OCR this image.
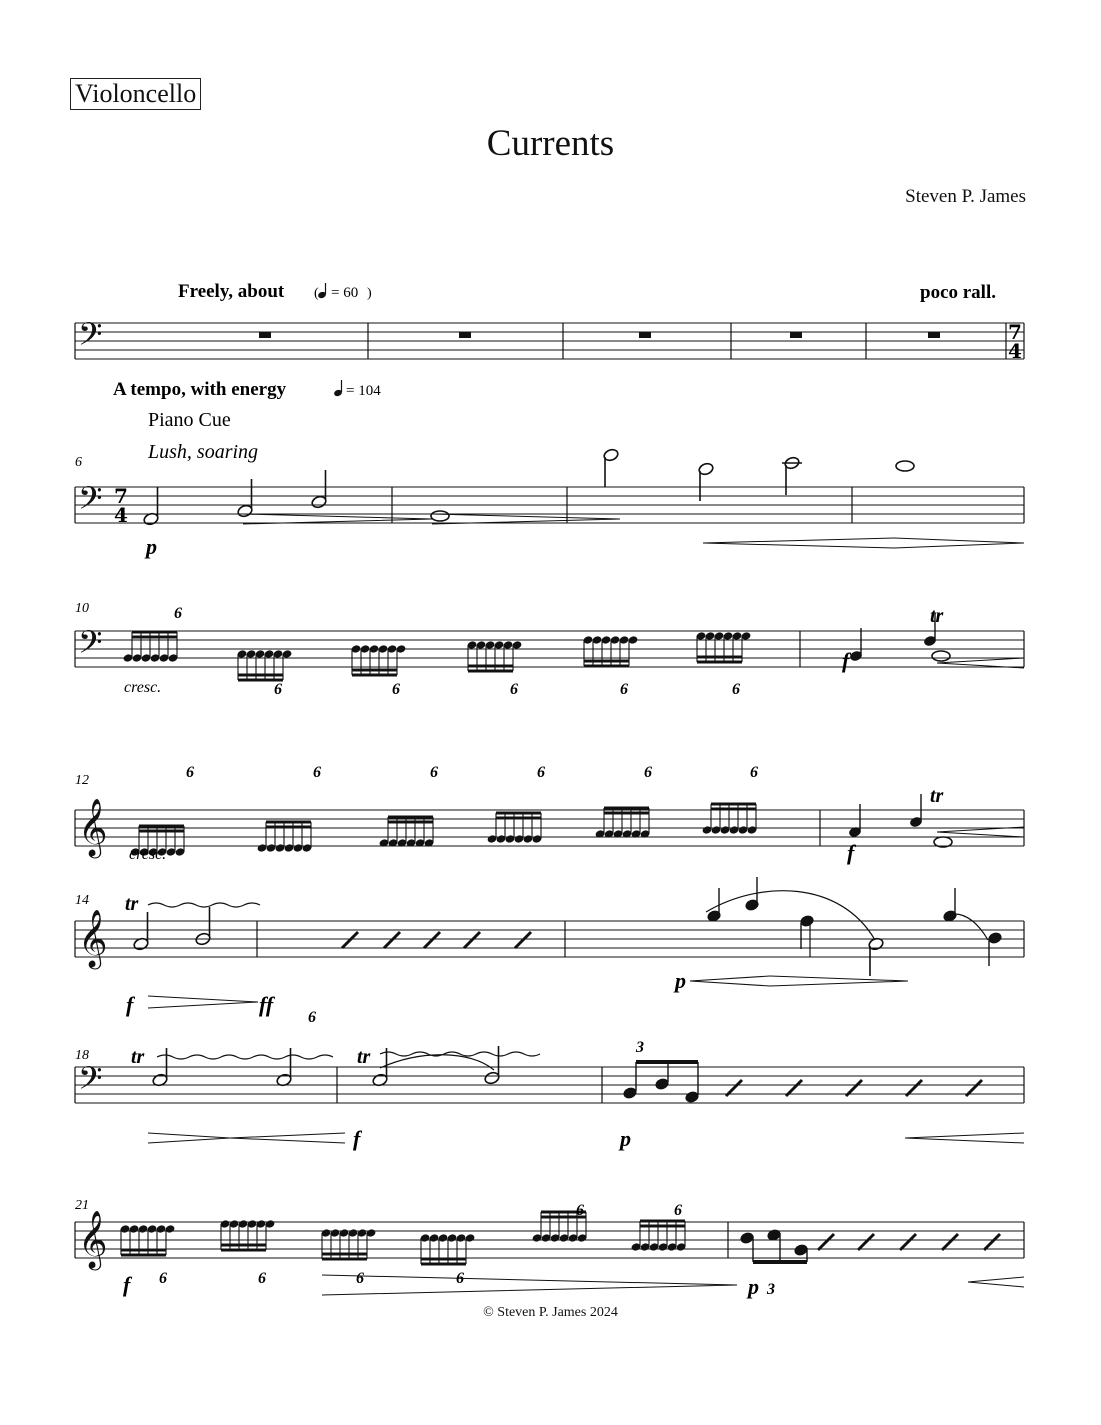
Violoncello
Currents
Steven P. James
© Steven P. James 2024
Freely, about ( = 60 )	poco rall.
A tempo, with energy	= 104
Piano Cue
Lush, soaring
𝄢	7
4
𝄢 7
4
𝄢
𝄞
𝄞
𝄢
𝄞
p
f
f
f	ff
p
f	p
f	p
cresc.
cresc.
tr
tr
tr
tr	tr
6
6	6	6	6	6
6	6	6	6	6	6
6
3
6	6	6	6
6	6
3
6
10
12
14
18
21
